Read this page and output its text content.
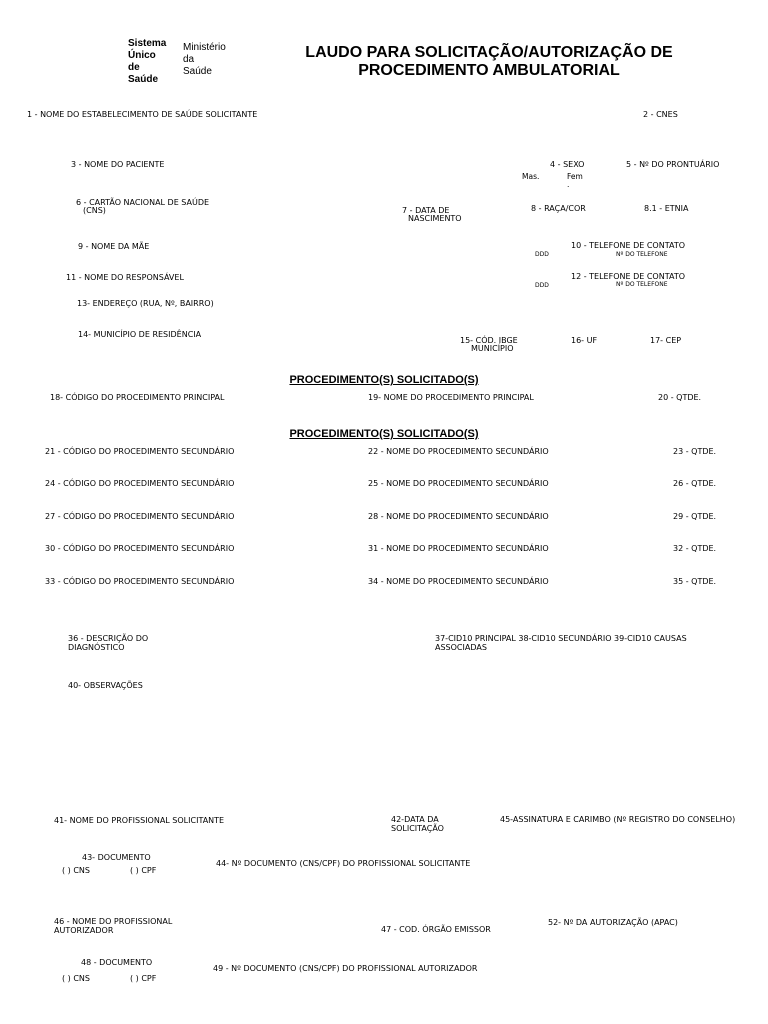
Sistema
Único
de
Saúde
Ministério
da
Saúde
LAUDO PARA SOLICITAÇÃO/AUTORIZAÇÃO DE
PROCEDIMENTO AMBULATORIAL
1 - NOME DO ESTABELECIMENTO DE SAÚDE SOLICITANTE	2 - CNES
3 - NOME DO PACIENTE	4 - SEXO
Mas.	Fem
.
5 - Nº DO PRONTUÁRIO
6 - CARTÃO NACIONAL DE SAÚDE
(CNS)	7 - DATA DE
NASCIMENTO
8 - RAÇA/COR	8.1 - ETNIA
9 - NOME DA MÃE	10 - TELEFONE DE CONTATO
DDD	Nº DO TELEFONE
11 - NOME DO RESPONSÁVEL	12 - TELEFONE DE CONTATO
DDD	Nº DO TELEFONE
13- ENDEREÇO (RUA, Nº, BAIRRO)
14- MUNICÍPIO DE RESIDÊNCIA
15- CÓD. IBGE
MUNICÍPIO
16- UF	17- CEP
PROCEDIMENTO(S) SOLICITADO(S)
18- CÓDIGO DO PROCEDIMENTO PRINCIPAL	19- NOME DO PROCEDIMENTO PRINCIPAL	20 - QTDE.
PROCEDIMENTO(S) SOLICITADO(S)
21 - CÓDIGO DO PROCEDIMENTO SECUNDÁRIO	22 - NOME DO PROCEDIMENTO SECUNDÁRIO	23 - QTDE.
24 - CÓDIGO DO PROCEDIMENTO SECUNDÁRIO	25 - NOME DO PROCEDIMENTO SECUNDÁRIO	26 - QTDE.
27 - CÓDIGO DO PROCEDIMENTO SECUNDÁRIO	28 - NOME DO PROCEDIMENTO SECUNDÁRIO	29 - QTDE.
30 - CÓDIGO DO PROCEDIMENTO SECUNDÁRIO	31 - NOME DO PROCEDIMENTO SECUNDÁRIO	32 - QTDE.
33 - CÓDIGO DO PROCEDIMENTO SECUNDÁRIO	34 - NOME DO PROCEDIMENTO SECUNDÁRIO	35 - QTDE.
36 - DESCRIÇÃO DO
DIAGNÓSTICO
37-CID10 PRINCIPAL 38-CID10 SECUNDÁRIO 39-CID10 CAUSAS
ASSOCIADAS
40- OBSERVAÇÕES
41- NOME DO PROFISSIONAL SOLICITANTE	42-DATA DA
SOLICITAÇÃO
45-ASSINATURA E CARIMBO (Nº REGISTRO DO CONSELHO)
43- DOCUMENTO
( ) CNS	( ) CPF
44- Nº DOCUMENTO (CNS/CPF) DO PROFISSIONAL SOLICITANTE
46 - NOME DO PROFISSIONAL
AUTORIZADOR	47 - COD. ÓRGÃO EMISSOR
52- Nº DA AUTORIZAÇÃO (APAC)
48 - DOCUMENTO
( ) CNS	( ) CPF
49 - Nº DOCUMENTO (CNS/CPF) DO PROFISSIONAL AUTORIZADOR
